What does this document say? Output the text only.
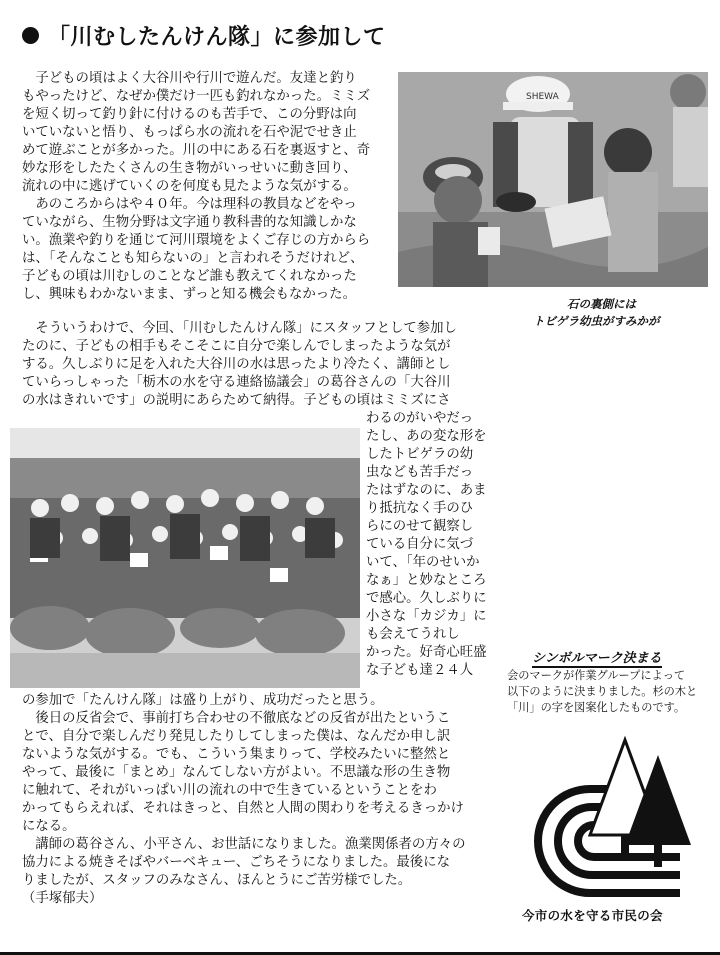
「川むしたんけん隊」に参加して
　子どもの頃はよく大谷川や行川で遊んだ。友達と釣り
もやったけど、なぜか僕だけ一匹も釣れなかった。ミミズ
を短く切って釣り針に付けるのも苦手で、この分野は向
いていないと悟り、もっぱら水の流れを石や泥でせき止
めて遊ぶことが多かった。川の中にある石を裏返すと、奇
妙な形をしたたくさんの生き物がいっせいに動き回り、
流れの中に逃げていくのを何度も見たような気がする。
　あのころからはや４０年。今は理科の教員などをやっ
ていながら、生物分野は文字通り教科書的な知識しかな
い。漁業や釣りを通じて河川環境をよくご存じの方からら
は、「そんなことも知らないの」と言われそうだけれど、
子どもの頃は川むしのことなど誰も教えてくれなかった
し、興味もわかないまま、ずっと知る機会もなかった。
SHEWA
石の裏側には
トビゲラ幼虫がすみかが
　そういうわけで、今回、「川むしたんけん隊」にスタッフとして参加し
たのに、子どもの相手もそこそこに自分で楽しんでしまったような気が
する。久しぶりに足を入れた大谷川の水は思ったより冷たく、講師とし
ていらっしゃった「栃木の水を守る連絡協議会」の葛谷さんの「大谷川
の水はきれいです」の説明にあらためて納得。子どもの頃はミミズにさ
わるのがいやだっ
たし、あの変な形を
したトビゲラの幼
虫なども苦手だっ
たはずなのに、あま
り抵抗なく手のひ
らにのせて観察し
ている自分に気づ
いて、「年のせいか
なぁ」と妙なところ
で感心。久しぶりに
小さな「カジカ」に
も会えてうれし
かった。好奇心旺盛
な子ども達２４人
の参加で「たんけん隊」は盛り上がり、成功だったと思う。
　後日の反省会で、事前打ち合わせの不徹底などの反省が出たというこ
とで、自分で楽しんだり発見したりしてしまった僕は、なんだか申し訳
ないような気がする。でも、こういう集まりって、学校みたいに整然と
やって、最後に「まとめ」なんてしない方がよい。不思議な形の生き物
に触れて、それがいっぱい川の流れの中で生きているということをわ
かってもらえれば、それはきっと、自然と人間の関わりを考えるきっかけ
になる。
　講師の葛谷さん、小平さん、お世話になりました。漁業関係者の方々の
協力による焼きそばやバーベキュー、ごちそうになりました。最後にな
りましたが、スタッフのみなさん、ほんとうにご苦労様でした。
（手塚郁夫）
シンボルマーク決まる
会のマークが作業グループによって
以下のように決まりました。杉の木と
「川」の字を図案化したものです。
今市の水を守る市民の会
